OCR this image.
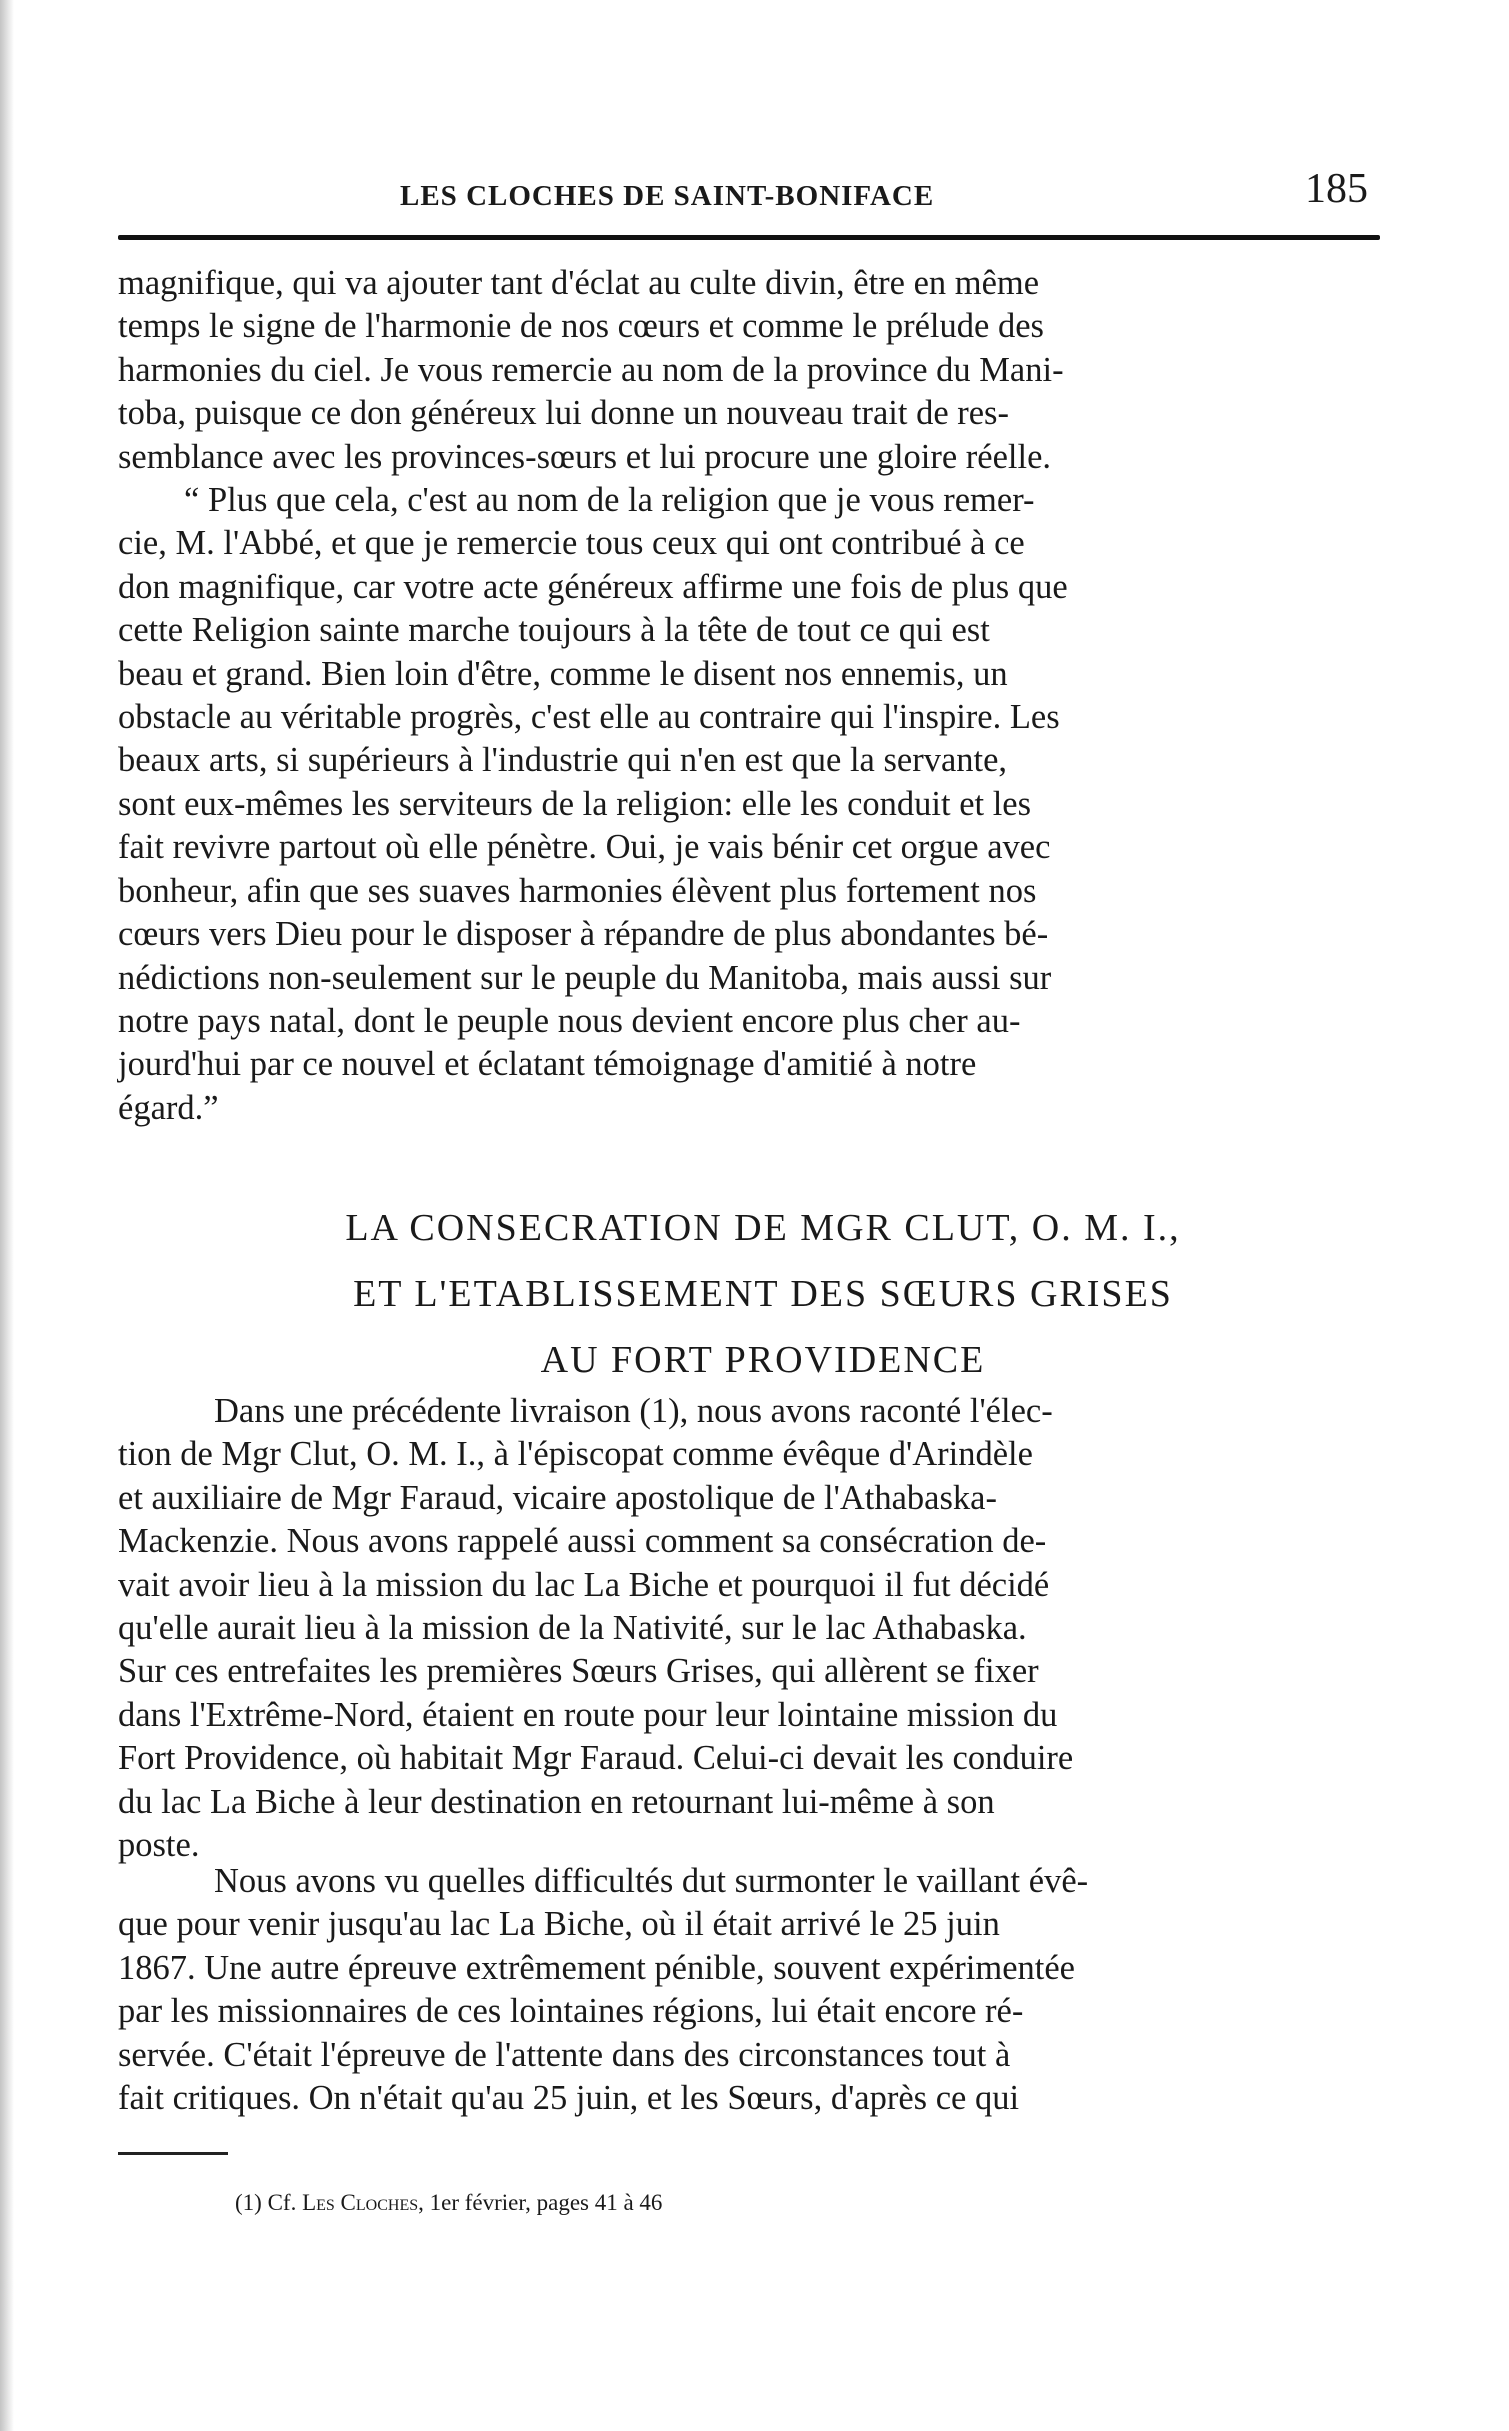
LES CLOCHES DE SAINT-BONIFACE	185
magnifique, qui va ajouter tant d'éclat au culte divin, être en même
temps le signe de l'harmonie de nos cœurs et comme le prélude des
harmonies du ciel. Je vous remercie au nom de la province du Mani-
toba, puisque ce don généreux lui donne un nouveau trait de res-
semblance avec les provinces-sœurs et lui procure une gloire réelle.
“ Plus que cela, c'est au nom de la religion que je vous remer-
cie, M. l'Abbé, et que je remercie tous ceux qui ont contribué à ce
don magnifique, car votre acte généreux affirme une fois de plus que
cette Religion sainte marche toujours à la tête de tout ce qui est
beau et grand. Bien loin d'être, comme le disent nos ennemis, un
obstacle au véritable progrès, c'est elle au contraire qui l'inspire. Les
beaux arts, si supérieurs à l'industrie qui n'en est que la servante,
sont eux-mêmes les serviteurs de la religion: elle les conduit et les
fait revivre partout où elle pénètre. Oui, je vais bénir cet orgue avec
bonheur, afin que ses suaves harmonies élèvent plus fortement nos
cœurs vers Dieu pour le disposer à répandre de plus abondantes bé-
nédictions non-seulement sur le peuple du Manitoba, mais aussi sur
notre pays natal, dont le peuple nous devient encore plus cher au-
jourd'hui par ce nouvel et éclatant témoignage d'amitié à notre
égard.”
LA CONSECRATION DE MGR CLUT, O. M. I.,
ET L'ETABLISSEMENT DES SŒURS GRISES
AU FORT PROVIDENCE
Dans une précédente livraison (1), nous avons raconté l'élec-
tion de Mgr Clut, O. M. I., à l'épiscopat comme évêque d'Arindèle
et auxiliaire de Mgr Faraud, vicaire apostolique de l'Athabaska-
Mackenzie. Nous avons rappelé aussi comment sa consécration de-
vait avoir lieu à la mission du lac La Biche et pourquoi il fut décidé
qu'elle aurait lieu à la mission de la Nativité, sur le lac Athabaska.
Sur ces entrefaites les premières Sœurs Grises, qui allèrent se fixer
dans l'Extrême-Nord, étaient en route pour leur lointaine mission du
Fort Providence, où habitait Mgr Faraud. Celui-ci devait les conduire
du lac La Biche à leur destination en retournant lui-même à son
poste.
Nous avons vu quelles difficultés dut surmonter le vaillant évê-
que pour venir jusqu'au lac La Biche, où il était arrivé le 25 juin
1867. Une autre épreuve extrêmement pénible, souvent expérimentée
par les missionnaires de ces lointaines régions, lui était encore ré-
servée. C'était l'épreuve de l'attente dans des circonstances tout à
fait critiques. On n'était qu'au 25 juin, et les Sœurs, d'après ce qui
(1) Cf. Les Cloches, 1er février, pages 41 à 46
